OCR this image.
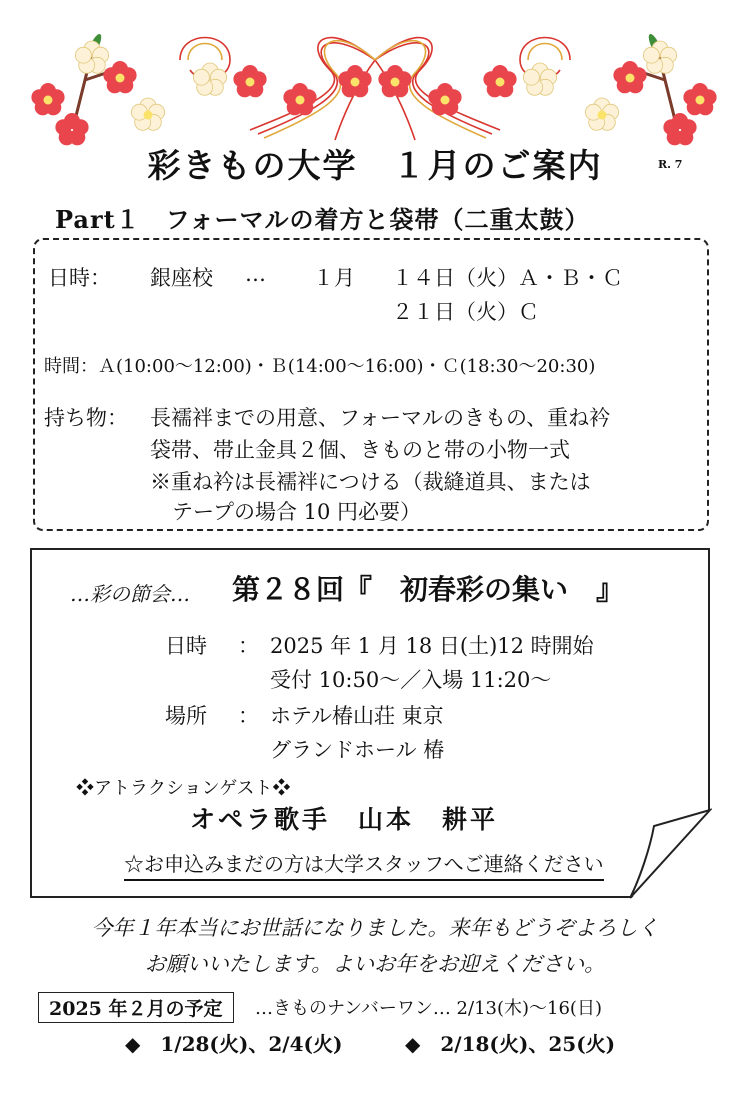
彩きもの大学　１月のご案内	R. 7
Part１　フォーマルの着方と袋帯（二重太鼓）
日時： 銀座校 … １月 １４日（火）Ａ・Ｂ・Ｃ
２１日（火）Ｃ
時間：Ａ(10:00〜12:00)・Ｂ(14:00〜16:00)・Ｃ(18:30〜20:30)
持ち物： 長襦袢までの用意、フォーマルのきもの、重ね衿
袋帯、帯止金具２個、きものと帯の小物一式
※重ね衿は長襦袢につける（裁縫道具、または
テープの場合 10 円必要）
…彩の節会… 第２８回『　初春彩の集い　』
日時 ： 2025 年 1 月 18 日(土)12 時開始
受付 10:50〜／入場 11:20〜
場所 ： ホテル椿山荘 東京
グランドホール 椿
❖アトラクションゲスト❖
オペラ歌手　山本　耕平
☆お申込みまだの方は大学スタッフへご連絡ください
今年１年本当にお世話になりました。来年もどうぞよろしく
お願いいたします。よいお年をお迎えください。
2025 年２月の予定	…きものナンバーワン… 2/13(木)〜16(日)
◆　1/28(火)、2/4(火)	◆　2/18(火)、25(火)
